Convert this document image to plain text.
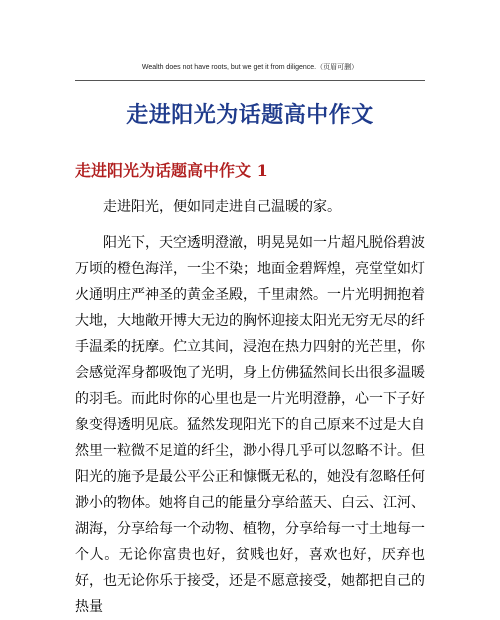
Wealth does not have roots, but we get it from diligence.（页眉可删）
走进阳光为话题高中作文
走进阳光为话题高中作文 1

走进阳光，便如同走进自己温暖的家。

阳光下，天空透明澄澈，明晃晃如一片超凡脱俗碧波万顷的橙色海洋，一尘不染；地面金碧辉煌，亮堂堂如灯火通明庄严神圣的黄金圣殿，千里肃然。一片光明拥抱着大地，大地敞开博大无边的胸怀迎接太阳光无穷无尽的纤手温柔的抚摩。伫立其间，浸泡在热力四射的光芒里，你会感觉浑身都吸饱了光明，身上仿佛猛然间长出很多温暖的羽毛。而此时你的心里也是一片光明澄静，心一下子好象变得透明见底。猛然发现阳光下的自己原来不过是大自然里一粒微不足道的纤尘，渺小得几乎可以忽略不计。但阳光的施予是最公平公正和慷慨无私的，她没有忽略任何渺小的物体。她将自己的能量分享给蓝天、白云、江河、湖海，分享给每一个动物、植物，分享给每一寸土地每一个人。无论你富贵也好，贫贱也好，喜欢也好，厌弃也好，也无论你乐于接受，还是不愿意接受，她都把自己的热量
